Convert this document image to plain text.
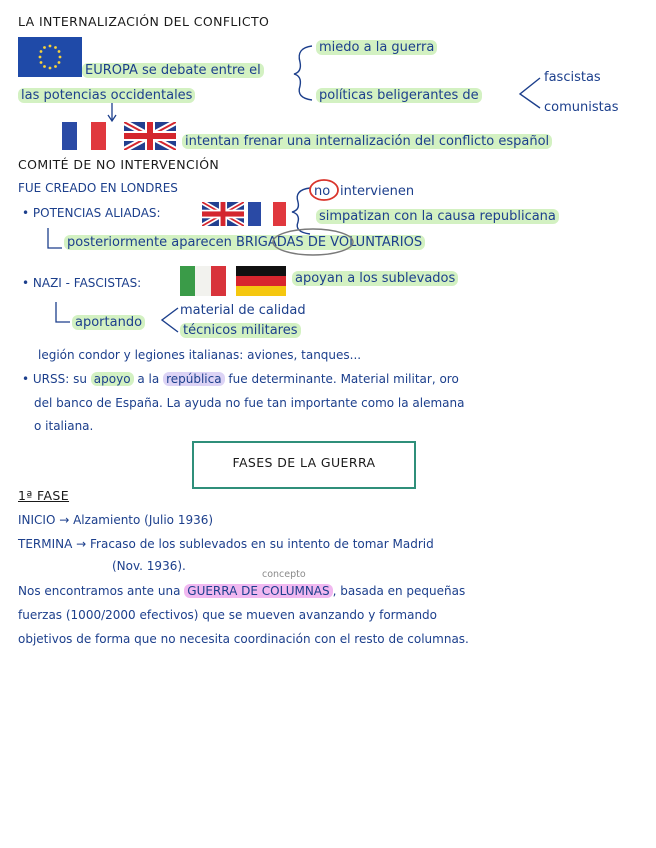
LA INTERNALIZACIÓN DEL CONFLICTO
EUROPA se debate entre el
las potencias occidentales
miedo a la guerra
políticas beligerantes de
fascistas
comunistas
intentan frenar una internalización del conflicto español
COMITÉ DE NO INTERVENCIÓN
FUE CREADO EN LONDRES
• POTENCIAS ALIADAS:
no intervienen
simpatizan con la causa republicana
posteriormente aparecen BRIGADAS DE VOLUNTARIOS
• NAZI - FASCISTAS:	apoyan a los sublevados
aportando
material de calidad
técnicos militares
legión condor y legiones italianas: aviones, tanques...
• URSS: su apoyo a la república fue determinante. Material militar, oro
del banco de España. La ayuda no fue tan importante como la alemana
o italiana.
FASES DE LA GUERRA
1ª FASE
INICIO → Alzamiento (Julio 1936)
TERMINA → Fracaso de los sublevados en su intento de tomar Madrid
(Nov. 1936).
concepto
Nos encontramos ante una GUERRA DE COLUMNAS , basada en pequeñas
fuerzas (1000/2000 efectivos) que se mueven avanzando y formando
objetivos de forma que no necesita coordinación con el resto de columnas.
